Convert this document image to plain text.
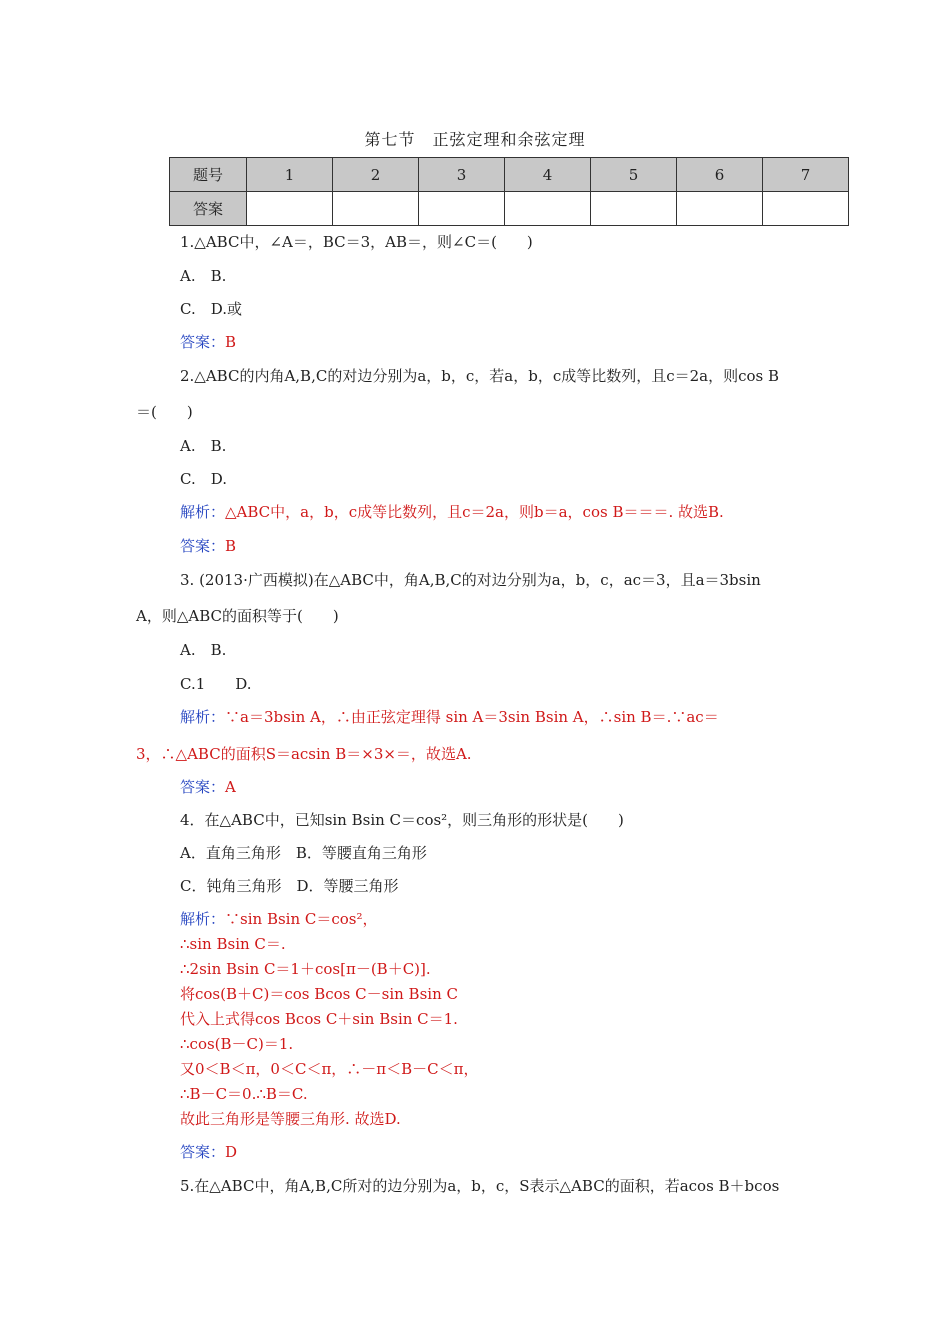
第七节　正弦定理和余弦定理
题号	1	2	3	4	5	6	7
答案							
1.△ABC中，∠A＝，BC＝3，AB＝，则∠C＝(　　)
A.　B.
C.　D.或
答案：B
2.△ABC的内角A,B,C的对边分别为a，b，c，若a，b，c成等比数列，且c＝2a，则cos B
＝(　　)
A.　B.
C.　D.
解析：△ABC中，a，b，c成等比数列，且c＝2a，则b＝a，cos B＝＝＝. 故选B.
答案：B
3. (2013·广西模拟)在△ABC中，角A,B,C的对边分别为a，b，c，ac＝3，且a＝3bsin
A，则△ABC的面积等于(　　)
A.　B.
C.1　　D.
解析：∵a＝3bsin A，∴由正弦定理得 sin A＝3sin Bsin A，∴sin B＝.∵ac＝
3，∴△ABC的面积S＝acsin B＝×3×＝，故选A.
答案：A
4．在△ABC中，已知sin Bsin C＝cos²，则三角形的形状是(　　)
A．直角三角形　B．等腰直角三角形
C．钝角三角形　D．等腰三角形
解析：∵sin Bsin C＝cos²，
∴sin Bsin C＝.
∴2sin Bsin C＝1＋cos[π－(B＋C)].
将cos(B＋C)＝cos Bcos C－sin Bsin C
代入上式得cos Bcos C＋sin Bsin C＝1.
∴cos(B－C)＝1.
又0＜B＜π，0＜C＜π，∴－π＜B－C＜π，
∴B－C＝0.∴B＝C.
故此三角形是等腰三角形. 故选D.
答案：D
5.在△ABC中，角A,B,C所对的边分别为a，b，c，S表示△ABC的面积，若acos B＋bcos
